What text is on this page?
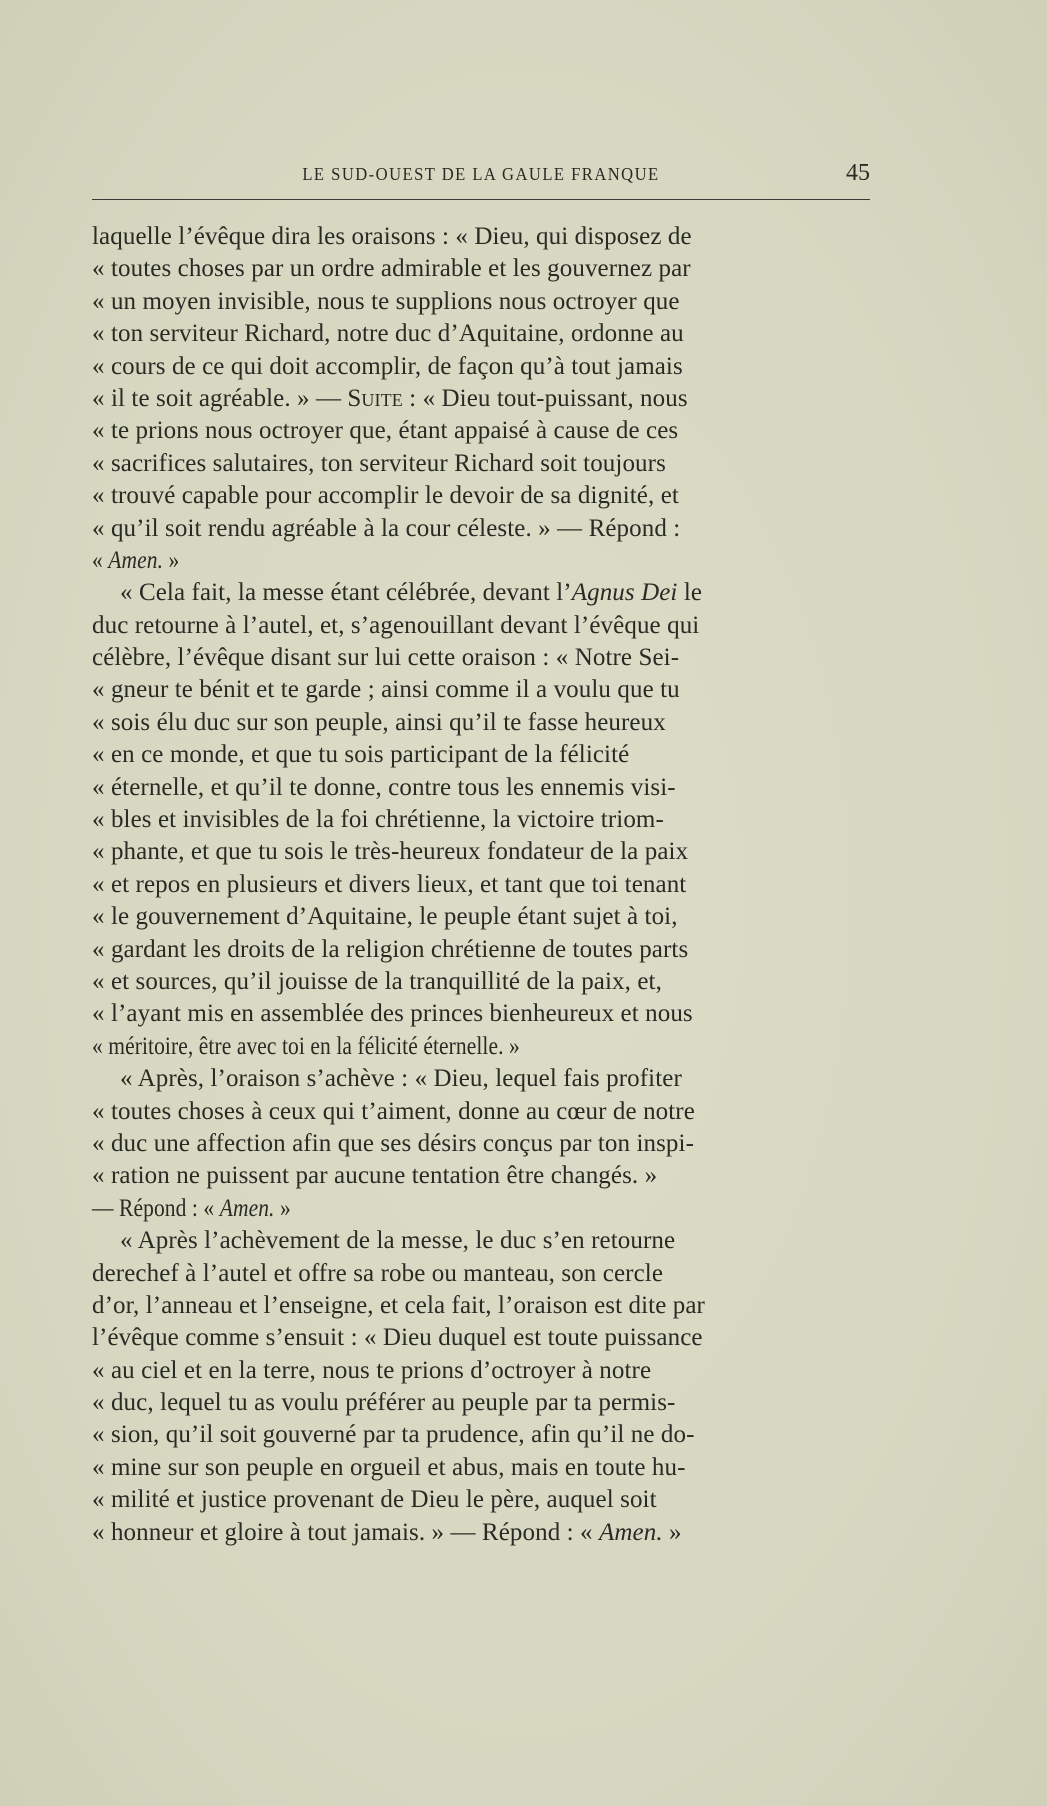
LE SUD-OUEST DE LA GAULE FRANQUE	45
laquelle l’évêque dira les oraisons : « Dieu, qui disposez de
« toutes choses par un ordre admirable et les gouvernez par
« un moyen invisible, nous te supplions nous octroyer que
« ton serviteur Richard, notre duc d’Aquitaine, ordonne au
« cours de ce qui doit accomplir, de façon qu’à tout jamais
« il te soit agréable. » — Suite : « Dieu tout-puissant, nous
« te prions nous octroyer que, étant appaisé à cause de ces
« sacrifices salutaires, ton serviteur Richard soit toujours
« trouvé capable pour accomplir le devoir de sa dignité, et
« qu’il soit rendu agréable à la cour céleste. » — Répond :
« Amen. »
« Cela fait, la messe étant célébrée, devant l’Agnus Dei le
duc retourne à l’autel, et, s’agenouillant devant l’évêque qui
célèbre, l’évêque disant sur lui cette oraison : « Notre Sei-
« gneur te bénit et te garde ; ainsi comme il a voulu que tu
« sois élu duc sur son peuple, ainsi qu’il te fasse heureux
« en ce monde, et que tu sois participant de la félicité
« éternelle, et qu’il te donne, contre tous les ennemis visi-
« bles et invisibles de la foi chrétienne, la victoire triom-
« phante, et que tu sois le très-heureux fondateur de la paix
« et repos en plusieurs et divers lieux, et tant que toi tenant
« le gouvernement d’Aquitaine, le peuple étant sujet à toi,
« gardant les droits de la religion chrétienne de toutes parts
« et sources, qu’il jouisse de la tranquillité de la paix, et,
« l’ayant mis en assemblée des princes bienheureux et nous
« méritoire, être avec toi en la félicité éternelle. »
« Après, l’oraison s’achève : « Dieu, lequel fais profiter
« toutes choses à ceux qui t’aiment, donne au cœur de notre
« duc une affection afin que ses désirs conçus par ton inspi-
« ration ne puissent par aucune tentation être changés. »
— Répond : « Amen. »
« Après l’achèvement de la messe, le duc s’en retourne
derechef à l’autel et offre sa robe ou manteau, son cercle
d’or, l’anneau et l’enseigne, et cela fait, l’oraison est dite par
l’évêque comme s’ensuit : « Dieu duquel est toute puissance
« au ciel et en la terre, nous te prions d’octroyer à notre
« duc, lequel tu as voulu préférer au peuple par ta permis-
« sion, qu’il soit gouverné par ta prudence, afin qu’il ne do-
« mine sur son peuple en orgueil et abus, mais en toute hu-
« milité et justice provenant de Dieu le père, auquel soit
« honneur et gloire à tout jamais. » — Répond : « Amen. »
